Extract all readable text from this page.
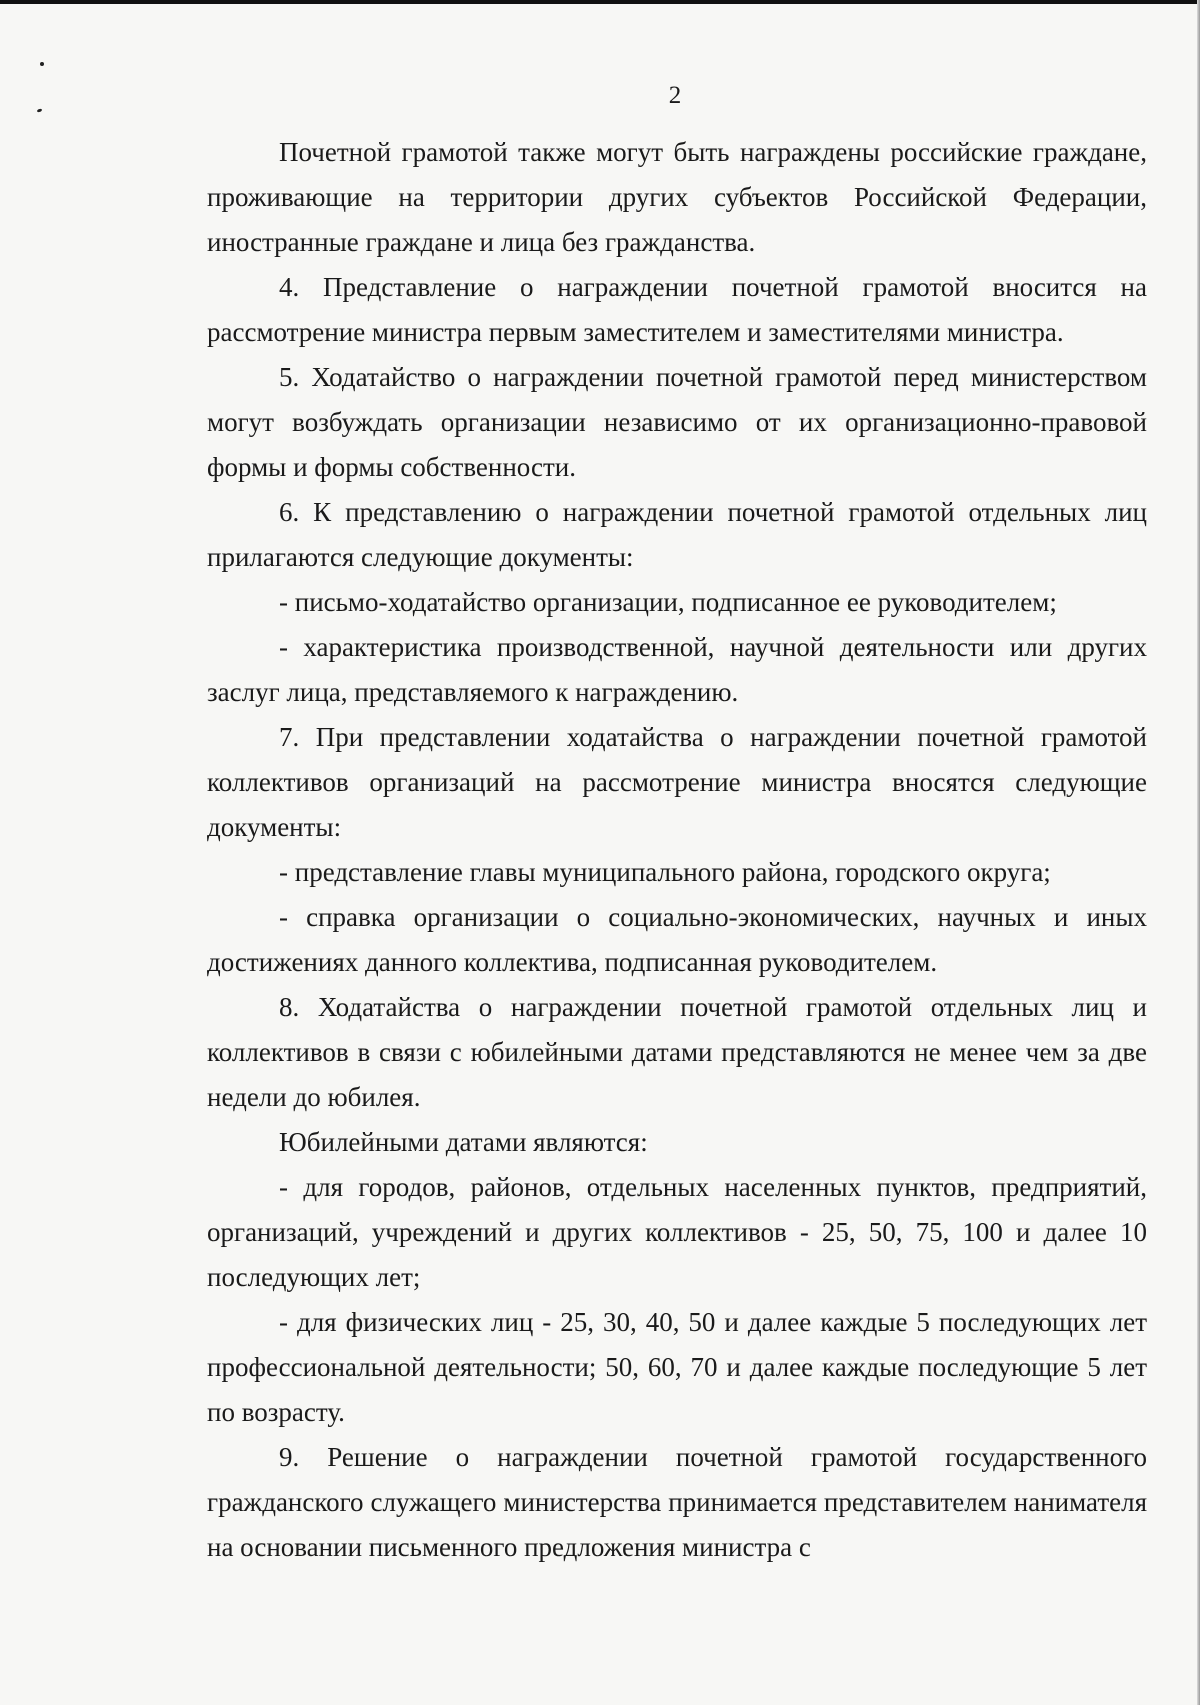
2

Почетной грамотой также могут быть награждены российские граждане, проживающие на территории других субъектов Российской Федерации, иностранные граждане и лица без гражданства.

4. Представление о награждении почетной грамотой вносится на рассмотрение министра первым заместителем и заместителями министра.

5. Ходатайство о награждении почетной грамотой перед министерством могут возбуждать организации независимо от их организационно-правовой формы и формы собственности.

6. К представлению о награждении почетной грамотой отдельных лиц прилагаются следующие документы:

- письмо-ходатайство организации, подписанное ее руководителем;

- характеристика производственной, научной деятельности или других заслуг лица, представляемого к награждению.

7. При представлении ходатайства о награждении почетной грамотой коллективов организаций на рассмотрение министра вносятся следующие документы:

- представление главы муниципального района, городского округа;

- справка организации о социально-экономических, научных и иных достижениях данного коллектива, подписанная руководителем.

8. Ходатайства о награждении почетной грамотой отдельных лиц и коллективов в связи с юбилейными датами представляются не менее чем за две недели до юбилея.

Юбилейными датами являются:

- для городов, районов, отдельных населенных пунктов, предприятий, организаций, учреждений и других коллективов - 25, 50, 75, 100 и далее 10 последующих лет;

- для физических лиц - 25, 30, 40, 50 и далее каждые 5 последующих лет профессиональной деятельности; 50, 60, 70 и далее каждые последующие 5 лет по возрасту.

9. Решение о награждении почетной грамотой государственного гражданского служащего министерства принимается представителем нанимателя на основании письменного предложения министра с
